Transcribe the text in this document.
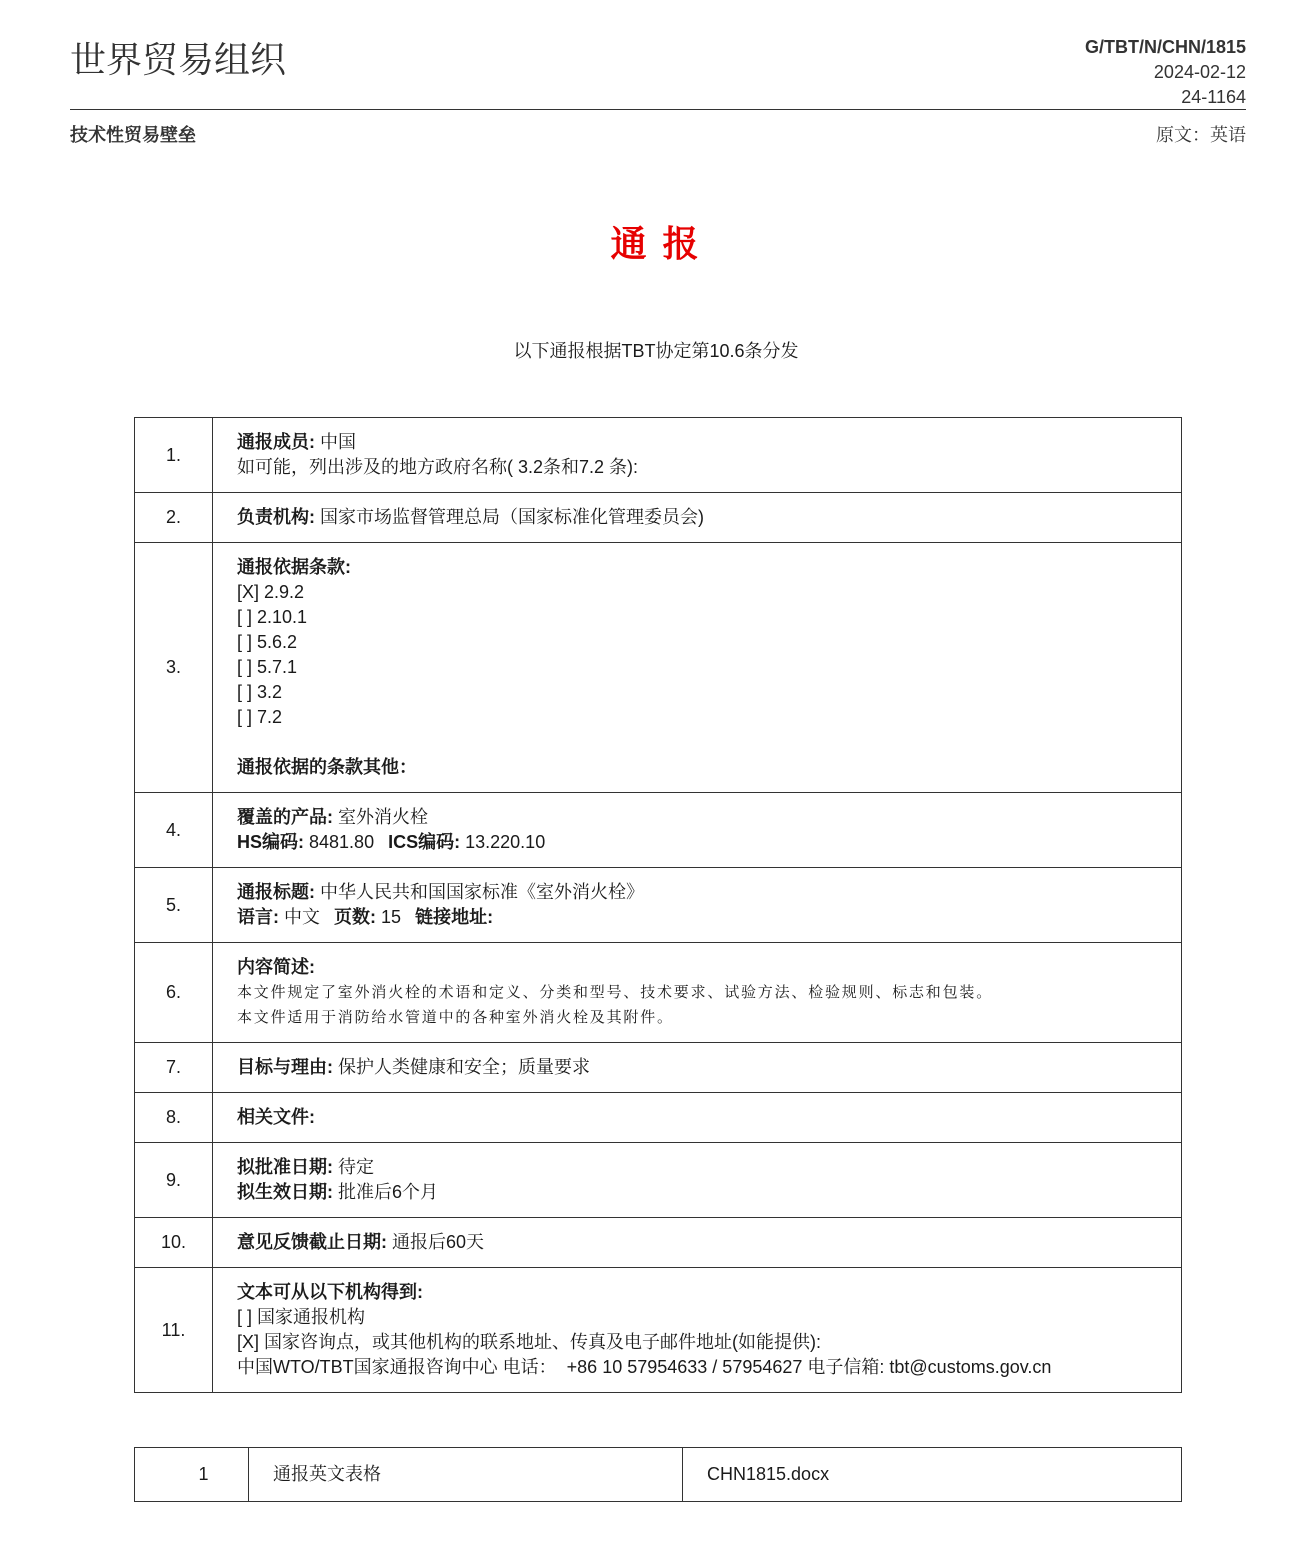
世界贸易组织	G/TBT/N/CHN/1815
2024-02-12
24-1164
技术性贸易壁垒	原文：英语
通 报
以下通报根据TBT协定第10.6条分发
1.
通报成员: 中国
如可能，列出涉及的地方政府名称( 3.2条和7.2 条):
2.	负责机构: 国家市场监督管理总局（国家标准化管理委员会)
3.
通报依据条款:
[X] 2.9.2
[ ] 2.10.1
[ ] 5.6.2
[ ] 5.7.1
[ ] 3.2
[ ] 7.2
通报依据的条款其他：
4.
覆盖的产品: 室外消火栓
HS编码: 8481.80 ICS编码: 13.220.10
5.
通报标题: 中华人民共和国国家标准《室外消火栓》
语言: 中文 页数: 15 链接地址:
6.
内容简述:
本文件规定了室外消火栓的术语和定义、分类和型号、技术要求、试验方法、检验规则、标志和包装。
本文件适用于消防给水管道中的各种室外消火栓及其附件。
7.	目标与理由: 保护人类健康和安全；质量要求
8.	相关文件:
9.
拟批准日期: 待定
拟生效日期: 批准后6个月
10.	意见反馈截止日期: 通报后60天
11.
文本可从以下机构得到:
[ ] 国家通报机构
[X] 国家咨询点，或其他机构的联系地址、传真及电子邮件地址(如能提供):
中国WTO/TBT国家通报咨询中心 电话：  +86 10 57954633 / 57954627 电子信箱: tbt@customs.gov.cn
1	通报英文表格	CHN1815.docx
